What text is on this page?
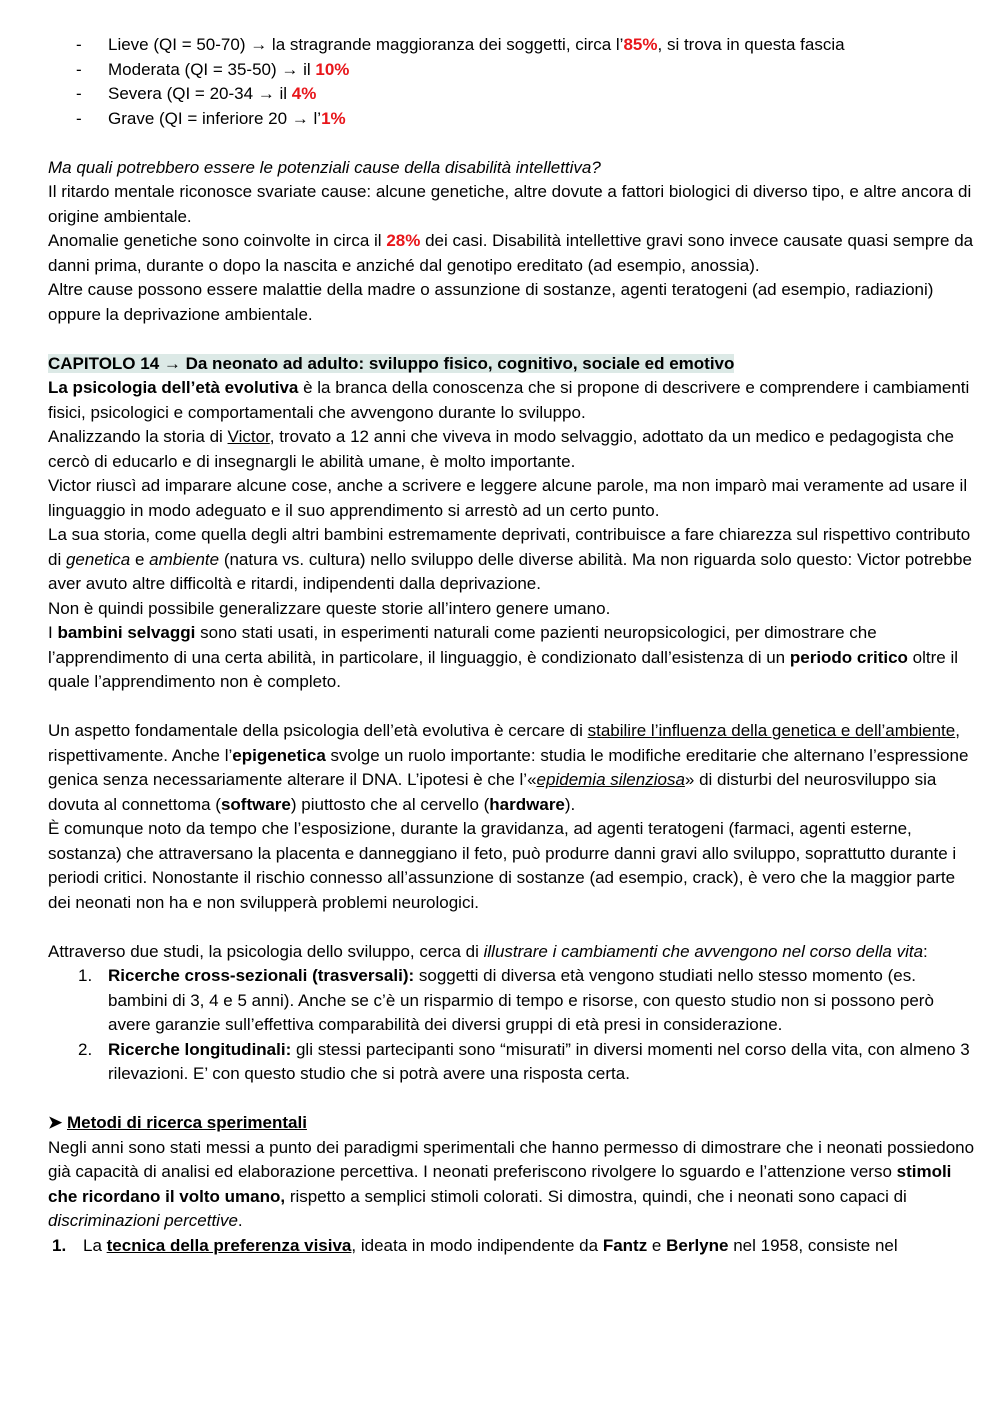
-	Lieve (QI = 50-70) → la stragrande maggioranza dei soggetti, circa l’85%, si trova in questa fascia
-	Moderata (QI = 35-50) → il 10%
-	Severa (QI = 20-34 → il 4%
-	Grave (QI = inferiore 20 → l’1%

Ma quali potrebbero essere le potenziali cause della disabilità intellettiva?

Il ritardo mentale riconosce svariate cause: alcune genetiche, altre dovute a fattori biologici di diverso tipo, e altre ancora di origine ambientale.

Anomalie genetiche sono coinvolte in circa il 28% dei casi. Disabilità intellettive gravi sono invece causate quasi sempre da danni prima, durante o dopo la nascita e anziché dal genotipo ereditato (ad esempio, anossia).

Altre cause possono essere malattie della madre o assunzione di sostanze, agenti teratogeni (ad esempio, radiazioni) oppure la deprivazione ambientale.

CAPITOLO 14 → Da neonato ad adulto: sviluppo fisico, cognitivo, sociale ed emotivo

La psicologia dell’età evolutiva è la branca della conoscenza che si propone di descrivere e comprendere i cambiamenti fisici, psicologici e comportamentali che avvengono durante lo sviluppo.

Analizzando la storia di Victor, trovato a 12 anni che viveva in modo selvaggio, adottato da un medico e pedagogista che cercò di educarlo e di insegnargli le abilità umane, è molto importante.

Victor riuscì ad imparare alcune cose, anche a scrivere e leggere alcune parole, ma non imparò mai veramente ad usare il linguaggio in modo adeguato e il suo apprendimento si arrestò ad un certo punto.

La sua storia, come quella degli altri bambini estremamente deprivati, contribuisce a fare chiarezza sul rispettivo contributo di genetica e ambiente (natura vs. cultura) nello sviluppo delle diverse abilità. Ma non riguarda solo questo: Victor potrebbe aver avuto altre difficoltà e ritardi, indipendenti dalla deprivazione.

Non è quindi possibile generalizzare queste storie all’intero genere umano.

I bambini selvaggi sono stati usati, in esperimenti naturali come pazienti neuropsicologici, per dimostrare che l’apprendimento di una certa abilità, in particolare, il linguaggio, è condizionato dall’esistenza di un periodo critico oltre il quale l’apprendimento non è completo.

Un aspetto fondamentale della psicologia dell’età evolutiva è cercare di stabilire l’influenza della genetica e dell’ambiente, rispettivamente. Anche l’epigenetica svolge un ruolo importante: studia le modifiche ereditarie che alternano l’espressione genica senza necessariamente alterare il DNA. L’ipotesi è che l’«epidemia silenziosa» di disturbi del neurosviluppo sia dovuta al connettoma (software) piuttosto che al cervello (hardware).

È comunque noto da tempo che l’esposizione, durante la gravidanza, ad agenti teratogeni (farmaci, agenti esterne, sostanza) che attraversano la placenta e danneggiano il feto, può produrre danni gravi allo sviluppo, soprattutto durante i periodi critici. Nonostante il rischio connesso all’assunzione di sostanze (ad esempio, crack), è vero che la maggior parte dei neonati non ha e non svilupperà problemi neurologici.

Attraverso due studi, la psicologia dello sviluppo, cerca di illustrare i cambiamenti che avvengono nel corso della vita:

1. Ricerche cross-sezionali (trasversali): soggetti di diversa età vengono studiati nello stesso momento (es. bambini di 3, 4 e 5 anni). Anche se c’è un risparmio di tempo e risorse, con questo studio non si possono però avere garanzie sull’effettiva comparabilità dei diversi gruppi di età presi in considerazione.
2. Ricerche longitudinali: gli stessi partecipanti sono “misurati” in diversi momenti nel corso della vita, con almeno 3 rilevazioni. E’ con questo studio che si potrà avere una risposta certa.

➤ Metodi di ricerca sperimentali

Negli anni sono stati messi a punto dei paradigmi sperimentali che hanno permesso di dimostrare che i neonati possiedono già capacità di analisi ed elaborazione percettiva. I neonati preferiscono rivolgere lo sguardo e l’attenzione verso stimoli che ricordano il volto umano, rispetto a semplici stimoli colorati. Si dimostra, quindi, che i neonati sono capaci di discriminazioni percettive.

1. La tecnica della preferenza visiva, ideata in modo indipendente da Fantz e Berlyne nel 1958, consiste nel
